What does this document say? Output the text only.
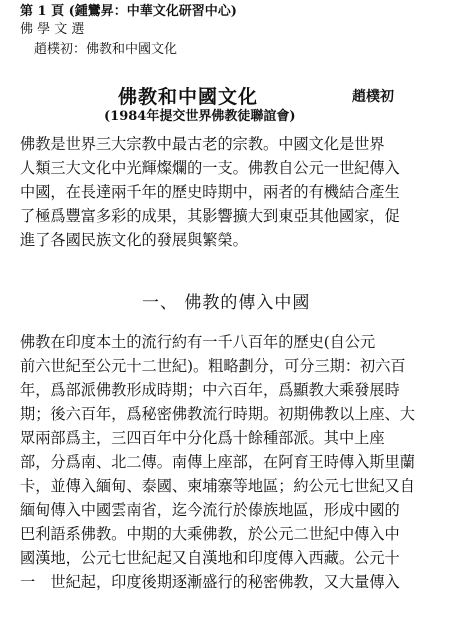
第 1 頁 (鍾鸞昇：中華文化研習中心)
佛 學 文 選
趙樸初：佛教和中國文化
佛教和中國文化	趙樸初
(1984年提交世界佛教徒聯誼會)
佛教是世界三大宗教中最古老的宗教。中國文化是世界
人類三大文化中光輝燦爛的一支。佛教自公元一世紀傳入
中國，在長達兩千年的歷史時期中，兩者的有機結合產生
了極爲豐富多彩的成果，其影響擴大到東亞其他國家，促
進了各國民族文化的發展與繁榮。
一、 佛教的傳入中國
佛教在印度本土的流行約有一千八百年的歷史(自公元
前六世紀至公元十二世紀)。粗略劃分，可分三期：初六百
年，爲部派佛教形成時期；中六百年，爲顯教大乘發展時
期；後六百年，爲秘密佛教流行時期。初期佛教以上座、大
眾兩部爲主，三四百年中分化爲十餘種部派。其中上座
部，分爲南、北二傳。南傳上座部，在阿育王時傳入斯里蘭
卡，並傳入緬甸、泰國、柬埔寨等地區；約公元七世紀又自
緬甸傳入中國雲南省，迄今流行於傣族地區，形成中國的
巴利語系佛教。中期的大乘佛教，於公元二世紀中傳入中
國漢地，公元七世紀起又自漢地和印度傳入西藏。公元十
一　世紀起，印度後期逐漸盛行的秘密佛教，又大量傳入
